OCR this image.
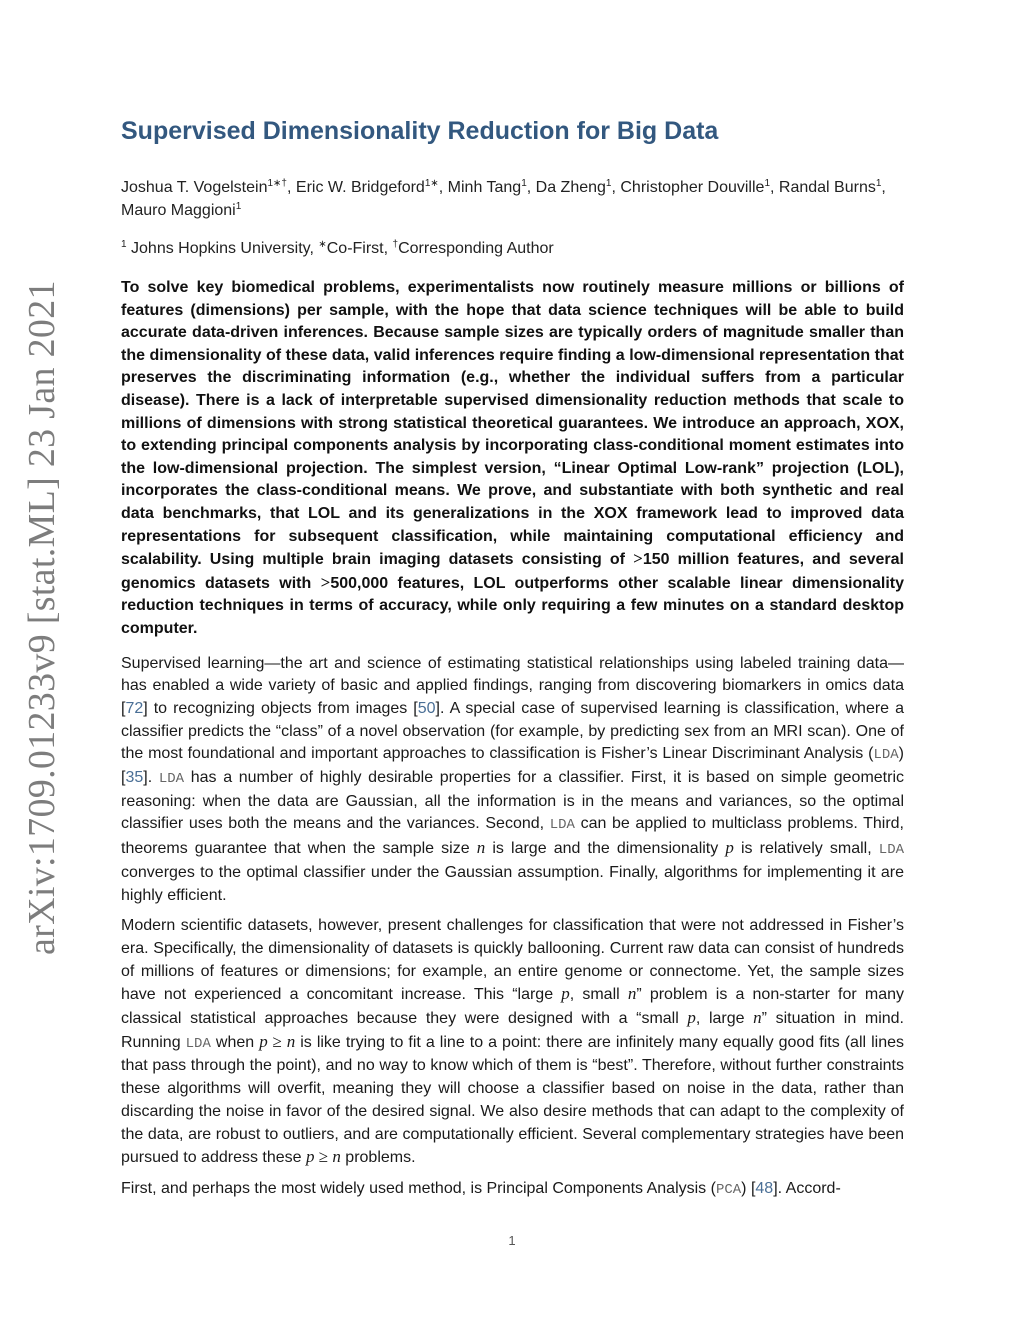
arXiv:1709.01233v9 [stat.ML] 23 Jan 2021
Supervised Dimensionality Reduction for Big Data
Joshua T. Vogelstein$^{1∗\dagger}$, Eric W. Bridgeford$^{1∗}$, Minh Tang$^1$, Da Zheng$^1$, Christopher Douville$^1$, Randal Burns$^1$, Mauro Maggioni$^1$
$^1$ Johns Hopkins University, ∗Co-First, †Corresponding Author

To solve key biomedical problems, experimentalists now routinely measure millions or billions of features (dimensions) per sample, with the hope that data science techniques will be able to build accurate data-driven inferences. Because sample sizes are typically orders of magnitude smaller than the dimensionality of these data, valid inferences require finding a low-dimensional representation that preserves the discriminating information (e.g., whether the individual suffers from a particular disease). There is a lack of interpretable supervised dimensionality reduction methods that scale to millions of dimensions with strong statistical theoretical guarantees. We introduce an approach, XOX, to extending principal components analysis by incorporating class-conditional moment estimates into the low-dimensional projection. The simplest version, “Linear Optimal Low-rank” projection (LOL), incorporates the class-conditional means. We prove, and substantiate with both synthetic and real data benchmarks, that LOL and its generalizations in the XOX framework lead to improved data representations for subsequent classification, while maintaining computational efficiency and scalability. Using multiple brain imaging datasets consisting of >150 million features, and several genomics datasets with >500,000 features, LOL outperforms other scalable linear dimensionality reduction techniques in terms of accuracy, while only requiring a few minutes on a standard desktop computer.

Supervised learning—the art and science of estimating statistical relationships using labeled training data—has enabled a wide variety of basic and applied findings, ranging from discovering biomarkers in omics data [72] to recognizing objects from images [50]. A special case of supervised learning is classification, where a classifier predicts the “class” of a novel observation (for example, by predicting sex from an MRI scan). One of the most foundational and important approaches to classification is Fisher’s Linear Discriminant Analysis (LDA) [35]. LDA has a number of highly desirable properties for a classifier. First, it is based on simple geometric reasoning: when the data are Gaussian, all the information is in the means and variances, so the optimal classifier uses both the means and the variances. Second, LDA can be applied to multiclass problems. Third, theorems guarantee that when the sample size n is large and the dimensionality p is relatively small, LDA converges to the optimal classifier under the Gaussian assumption. Finally, algorithms for implementing it are highly efficient.

Modern scientific datasets, however, present challenges for classification that were not addressed in Fisher’s era. Specifically, the dimensionality of datasets is quickly ballooning. Current raw data can consist of hundreds of millions of features or dimensions; for example, an entire genome or connectome. Yet, the sample sizes have not experienced a concomitant increase. This “large p, small n” problem is a non-starter for many classical statistical approaches because they were designed with a “small p, large n” situation in mind. Running LDA when p ≥ n is like trying to fit a line to a point: there are infinitely many equally good fits (all lines that pass through the point), and no way to know which of them is “best”. Therefore, without further constraints these algorithms will overfit, meaning they will choose a classifier based on noise in the data, rather than discarding the noise in favor of the desired signal. We also desire methods that can adapt to the complexity of the data, are robust to outliers, and are computationally efficient. Several complementary strategies have been pursued to address these p ≥ n problems.

First, and perhaps the most widely used method, is Principal Components Analysis (PCA) [48]. Accord-

1
